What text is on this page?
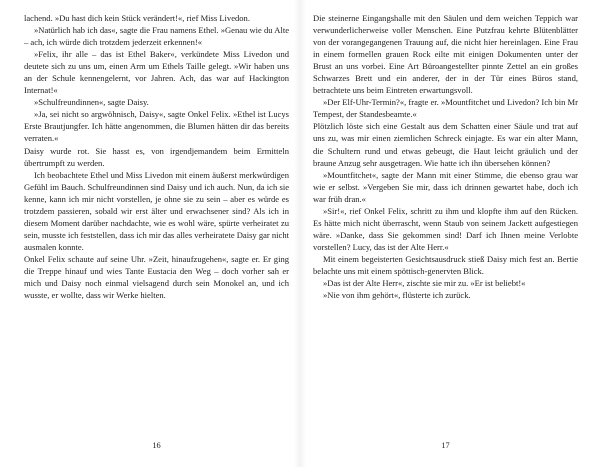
lachend. »Du hast dich kein Stück verändert!«, rief Miss Livedon.

»Natürlich hab ich das«, sagte die Frau namens Ethel. »Genau wie du Alte – ach, ich würde dich trotzdem jederzeit erkennen!«

»Felix, ihr alle – das ist Ethel Baker«, verkündete Miss Livedon und deutete sich zu uns um, einen Arm um Ethels Taille gelegt. »Wir haben uns an der Schule kennengelernt, vor Jahren. Ach, das war auf Hackington Internat!«

»Schulfreundinnen«, sagte Daisy.

»Ja, sei nicht so argwöhnisch, Daisy«, sagte Onkel Felix. »Ethel ist Lucys Erste Brautjungfer. Ich hätte angenommen, die Blumen hätten dir das bereits verraten.«

Daisy wurde rot. Sie hasst es, von irgendjemandem beim Ermitteln übertrumpft zu werden.

Ich beobachtete Ethel und Miss Livedon mit einem äußerst merkwürdigen Gefühl im Bauch. Schulfreundinnen sind Daisy und ich auch. Nun, da ich sie kenne, kann ich mir nicht vorstellen, je ohne sie zu sein – aber es würde es trotzdem passieren, sobald wir erst älter und erwachsener sind? Als ich in diesem Moment darüber nachdachte, wie es wohl wäre, spürte verheiratet zu sein, musste ich feststellen, dass ich mir das alles verheiratete Daisy gar nicht ausmalen konnte.

Onkel Felix schaute auf seine Uhr. »Zeit, hinaufzugehen«, sagte er. Er ging die Treppe hinauf und wies Tante Eustacia den Weg – doch vorher sah er mich und Daisy noch einmal vielsagend durch sein Monokel an, und ich wusste, er wollte, dass wir Werke hielten.

16

Die steinerne Eingangshalle mit den Säulen und dem weichen Teppich war verwunderlicherweise voller Menschen. Eine Putzfrau kehrte Blütenblätter von der vorangegangenen Trauung auf, die nicht hier hereinlagen. Eine Frau in einem formellen grauen Rock eilte mit einigen Dokumenten unter der Brust an uns vorbei. Eine Art Büroangestellter pinnte Zettel an ein großes Schwarzes Brett und ein anderer, der in der Tür eines Büros stand, betrachtete uns beim Eintreten erwartungsvoll.

»Der Elf-Uhr-Termin?«, fragte er. »Mountfitchet und Livedon? Ich bin Mr Tempest, der Standesbeamte.«

Plötzlich löste sich eine Gestalt aus dem Schatten einer Säule und trat auf uns zu, was mir einen ziemlichen Schreck einjagte. Es war ein alter Mann, die Schultern rund und etwas gebeugt, die Haut leicht gräulich und der braune Anzug sehr ausgetragen. Wie hatte ich ihn übersehen können?

»Mountfitchet«, sagte der Mann mit einer Stimme, die ebenso grau war wie er selbst. »Vergeben Sie mir, dass ich drinnen gewartet habe, doch ich war früh dran.«

»Sir!«, rief Onkel Felix, schritt zu ihm und klopfte ihm auf den Rücken. Es hätte mich nicht überrascht, wenn Staub von seinem Jackett aufgestiegen wäre. »Danke, dass Sie gekommen sind! Darf ich Ihnen meine Verlobte vorstellen? Lucy, das ist der Alte Herr.«

Mit einem begeisterten Gesichtsausdruck stieß Daisy mich fest an. Bertie belachte uns mit einem spöttisch-genervten Blick.

»Das ist der Alte Herr«, zischte sie mir zu. »Er ist beliebt!«

»Nie von ihm gehört«, flüsterte ich zurück.

17
